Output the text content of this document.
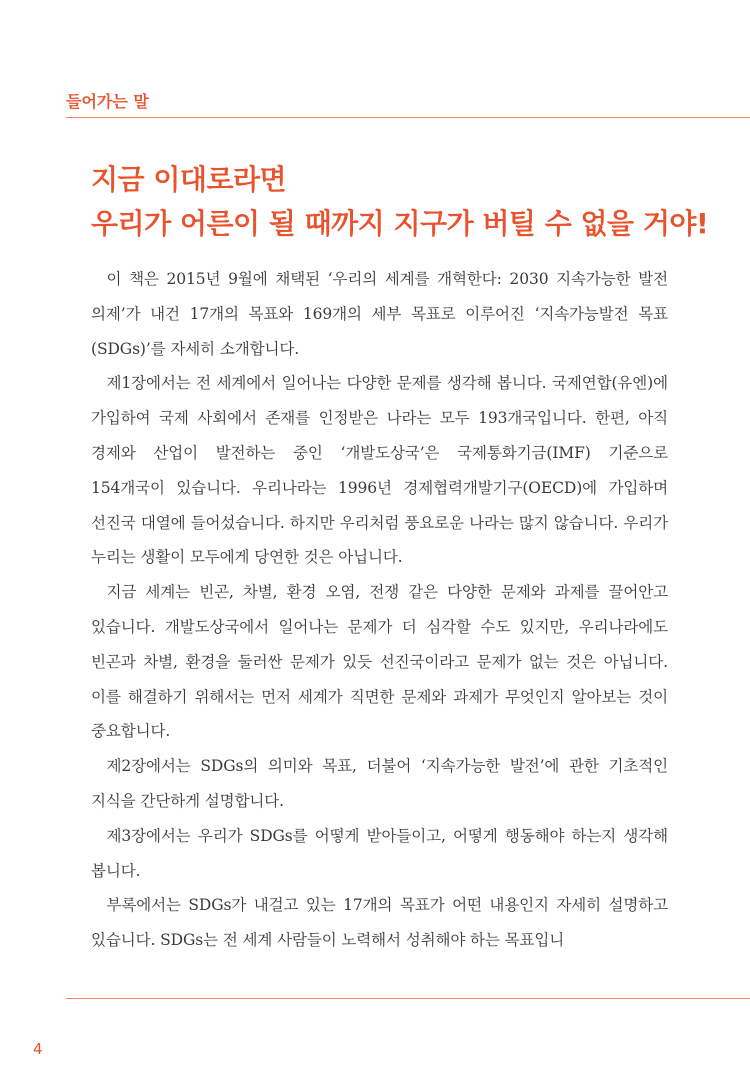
들어가는 말
지금 이대로라면
우리가 어른이 될 때까지 지구가 버틸 수 없을 거야!

이 책은 2015년 9월에 채택된 ‘우리의 세계를 개혁한다: 2030 지속가능한 발전 의제’가 내건 17개의 목표와 169개의 세부 목표로 이루어진 ‘지속가능발전 목표(SDGs)’를 자세히 소개합니다.

제1장에서는 전 세계에서 일어나는 다양한 문제를 생각해 봅니다. 국제연합(유엔)에 가입하여 국제 사회에서 존재를 인정받은 나라는 모두 193개국입니다. 한편, 아직 경제와 산업이 발전하는 중인 ‘개발도상국’은 국제통화기금(IMF) 기준으로 154개국이 있습니다. 우리나라는 1996년 경제협력개발기구(OECD)에 가입하며 선진국 대열에 들어섰습니다. 하지만 우리처럼 풍요로운 나라는 많지 않습니다. 우리가 누리는 생활이 모두에게 당연한 것은 아닙니다.

지금 세계는 빈곤, 차별, 환경 오염, 전쟁 같은 다양한 문제와 과제를 끌어안고 있습니다. 개발도상국에서 일어나는 문제가 더 심각할 수도 있지만, 우리나라에도 빈곤과 차별, 환경을 둘러싼 문제가 있듯 선진국이라고 문제가 없는 것은 아닙니다. 이를 해결하기 위해서는 먼저 세계가 직면한 문제와 과제가 무엇인지 알아보는 것이 중요합니다.

제2장에서는 SDGs의 의미와 목표, 더불어 ‘지속가능한 발전’에 관한 기초적인 지식을 간단하게 설명합니다.

제3장에서는 우리가 SDGs를 어떻게 받아들이고, 어떻게 행동해야 하는지 생각해 봅니다.

부록에서는 SDGs가 내걸고 있는 17개의 목표가 어떤 내용인지 자세히 설명하고 있습니다. SDGs는 전 세계 사람들이 노력해서 성취해야 하는 목표입니

4
